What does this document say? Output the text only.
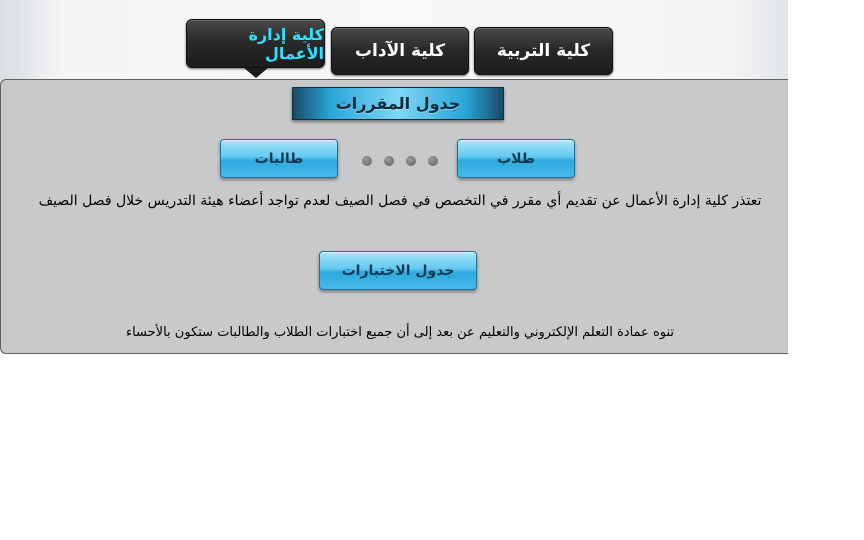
كلية التربية
كلية الآداب
كلية إدارة الأعمال
جدول المقررات
طلاب
طالبات
تعتذر كلية إدارة الأعمال عن تقديم أي مقرر في التخصص في فصل الصيف لعدم تواجد أعضاء هيئة التدريس خلال فصل الصيف
جدول الاختبارات
تنوه عمادة التعلم الإلكتروني والتعليم عن بعد إلى أن جميع اختبارات الطلاب والطالبات ستكون بالأحساء
